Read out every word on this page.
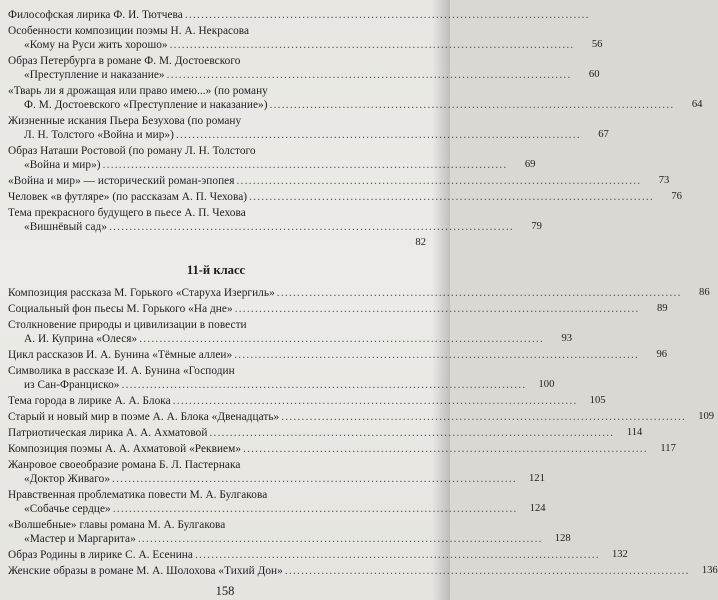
Философская лирика Ф. И. Тютчева . . .
Особенности композиции поэмы Н. А. Некрасова
«Кому на Руси жить хорошо» . . .	56
Образ Петербурга в романе Ф. М. Достоевского
«Преступление и наказание» . . .	60
«Тварь ли я дрожащая или право имею...» (по роману
Ф. М. Достоевского «Преступление и наказание») . . .	64
Жизненные искания Пьера Безухова (по роману
Л. Н. Толстого «Война и мир») . . .	67
Образ Наташи Ростовой (по роману Л. Н. Толстого
«Война и мир») . . .	69
«Война и мир» — исторический роман-эпопея . . .	73
Человек «в футляре» (по рассказам А. П. Чехова) . . .	76
Тема прекрасного будущего в пьесе А. П. Чехова
«Вишнёвый сад» . . .	79
82
11-й класс
Композиция рассказа М. Горького «Старуха Изергиль» . . .	86
Социальный фон пьесы М. Горького «На дне» . . .	89
Столкновение природы и цивилизации в повести
А. И. Куприна «Олеся» . . .	93
Цикл рассказов И. А. Бунина «Тёмные аллеи» . . .	96
Символика в рассказе И. А. Бунина «Господин
из Сан-Франциско» . . .	100
Тема города в лирике А. А. Блока . . .	105
Старый и новый мир в поэме А. А. Блока «Двенадцать» . . .	109
Патриотическая лирика А. А. Ахматовой . . .	114
Композиция поэмы А. А. Ахматовой «Реквием» . . .	117
Жанровое своеобразие романа Б. Л. Пастернака
«Доктор Живаго» . . .	121
Нравственная проблематика повести М. А. Булгакова
«Собачье сердце» . . .	124
«Волшебные» главы романа М. А. Булгакова
«Мастер и Маргарита» . . .	128
Образ Родины в лирике С. А. Есенина . . .	132
Женские образы в романе М. А. Шолохова «Тихий Дон» . . .	136
158
